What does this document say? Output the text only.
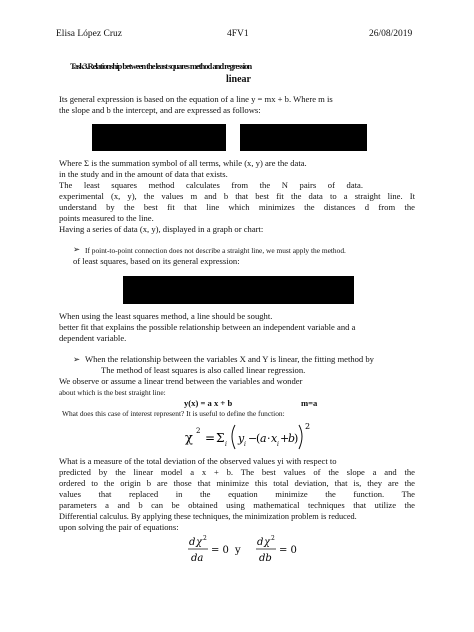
Elisa López Cruz	4FV1	26/08/2019
Task3.Relationship between the least squares method and regression
linear
Its general expression is based on the equation of a line y = mx + b. Where m is
the slope and b the intercept, and are expressed as follows:
Where Σ is the summation symbol of all terms, while (x, y) are the data.
in the study and in the amount of data that exists.
The least squares method calculates from the N pairs of data.
experimental (x, y), the values m and b that best fit the data to a straight line. It
understand by the best fit that line which minimizes the distances d from the
points measured to the line.
Having a series of data (x, y), displayed in a graph or chart:
➢ If point-to-point connection does not describe a straight line, we must apply the method.
of least squares, based on its general expression:
When using the least squares method, a line should be sought.
better fit that explains the possible relationship between an independent variable and a
dependent variable.
➢ When the relationship between the variables X and Y is linear, the fitting method by
The method of least squares is also called linear regression.
We observe or assume a linear trend between the variables and wonder
about which is the best straight line:
y(x) = a x + b	m=a
What does this case of interest represent? It is useful to define the function:
χ 2 = Σ i y i −
( a · x i +
b
)
2
What is a measure of the total deviation of the observed values yi with respect to
predicted by the linear model a x + b. The best values of the slope a and the
ordered to the origin b are those that minimize this total deviation, that is, they are the
values that replaced in the equation minimize the function. The
parameters a and b can be obtained using mathematical techniques that utilize the
Differential calculus. By applying these techniques, the minimization problem is reduced.
upon solving the pair of equations:
d χ 2
da
= 0 y
d χ 2
db
= 0
